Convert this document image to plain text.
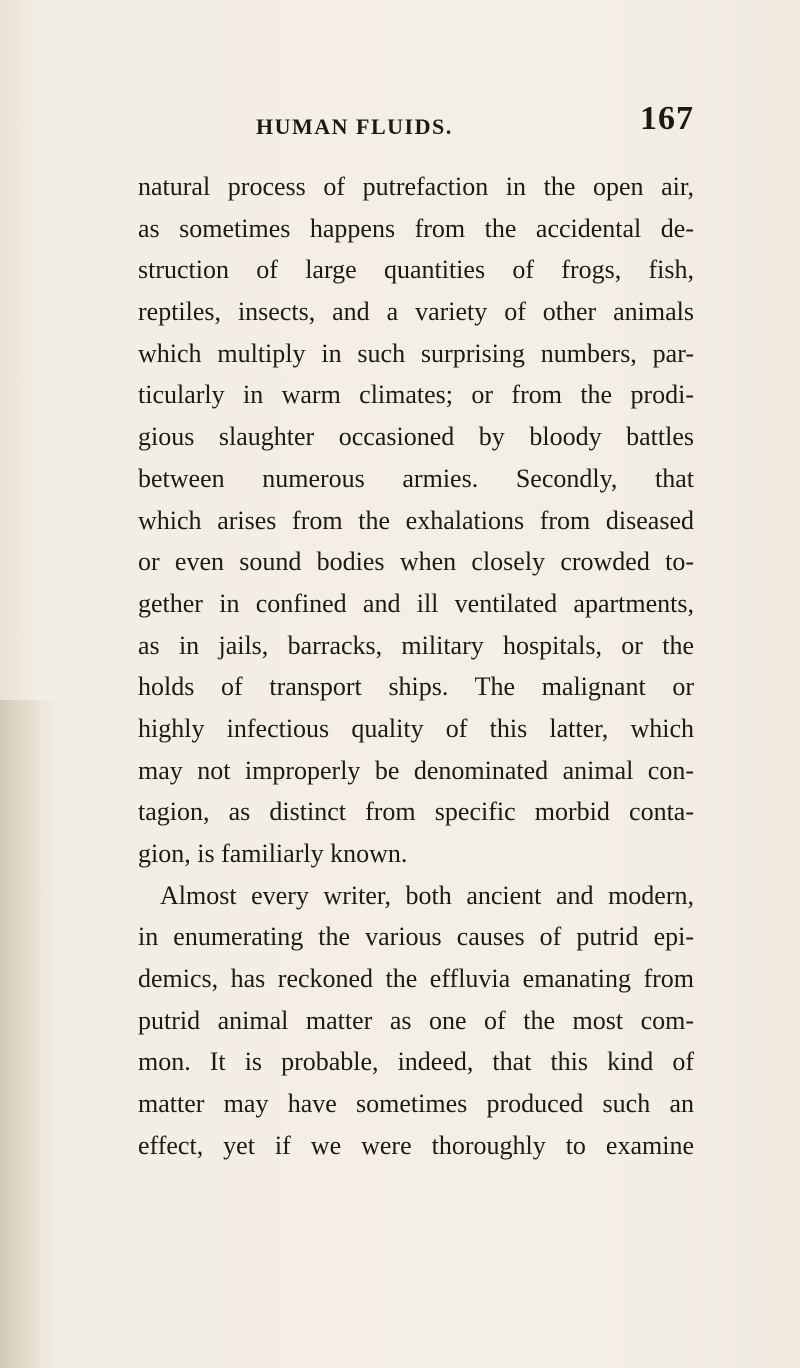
HUMAN FLUIDS.	167
natural process of putrefaction in the open air,
as sometimes happens from the accidental de-
struction of large quantities of frogs, fish,
reptiles, insects, and a variety of other animals
which multiply in such surprising numbers, par-
ticularly in warm climates; or from the prodi-
gious slaughter occasioned by bloody battles
between numerous armies. Secondly, that
which arises from the exhalations from diseased
or even sound bodies when closely crowded to-
gether in confined and ill ventilated apartments,
as in jails, barracks, military hospitals, or the
holds of transport ships. The malignant or
highly infectious quality of this latter, which
may not improperly be denominated animal con-
tagion, as distinct from specific morbid conta-
gion, is familiarly known.
Almost every writer, both ancient and modern,
in enumerating the various causes of putrid epi-
demics, has reckoned the effluvia emanating from
putrid animal matter as one of the most com-
mon. It is probable, indeed, that this kind of
matter may have sometimes produced such an
effect, yet if we were thoroughly to examine
